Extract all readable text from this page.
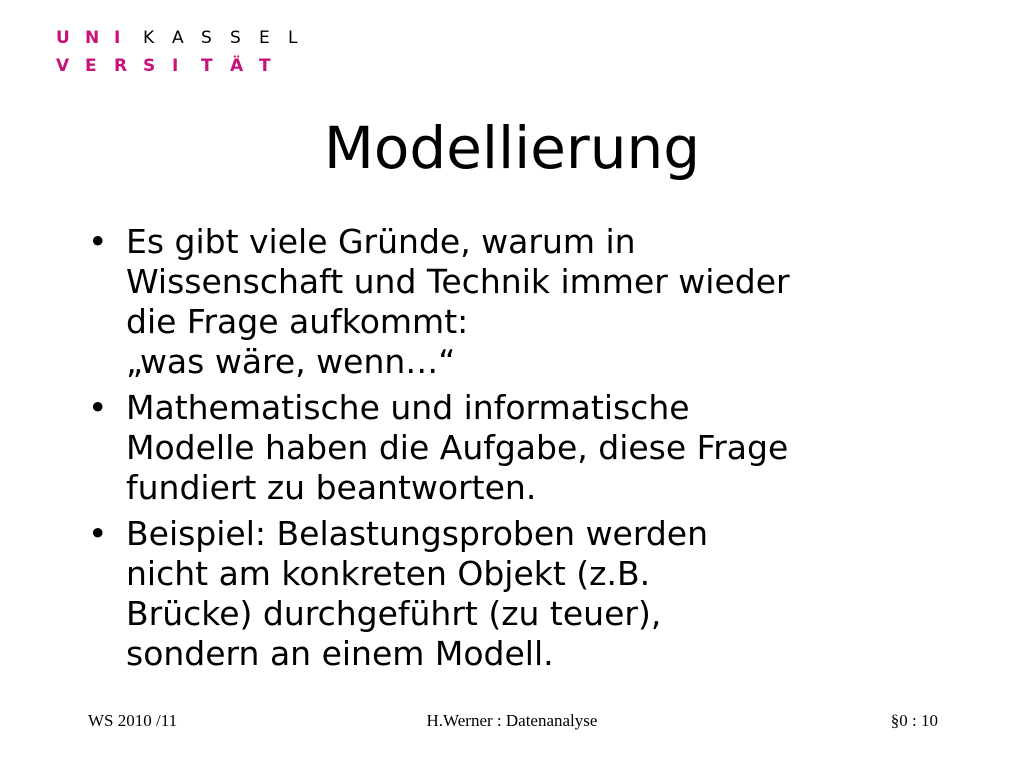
U N I	K	A	S	S	E	L
V E	R S I	T	Ä T
Modellierung
• Es gibt viele Gründe, warum in
Wissenschaft und Technik immer wieder
die Frage aufkommt:
„was wäre, wenn…“
• Mathematische und informatische
Modelle haben die Aufgabe, diese Frage
fundiert zu beantworten.
• Beispiel: Belastungsproben werden
nicht am konkreten Objekt (z.B.
Brücke) durchgeführt (zu teuer),
sondern an einem Modell.
WS 2010 /11	H.Werner : Datenanalyse	§0 : 10
